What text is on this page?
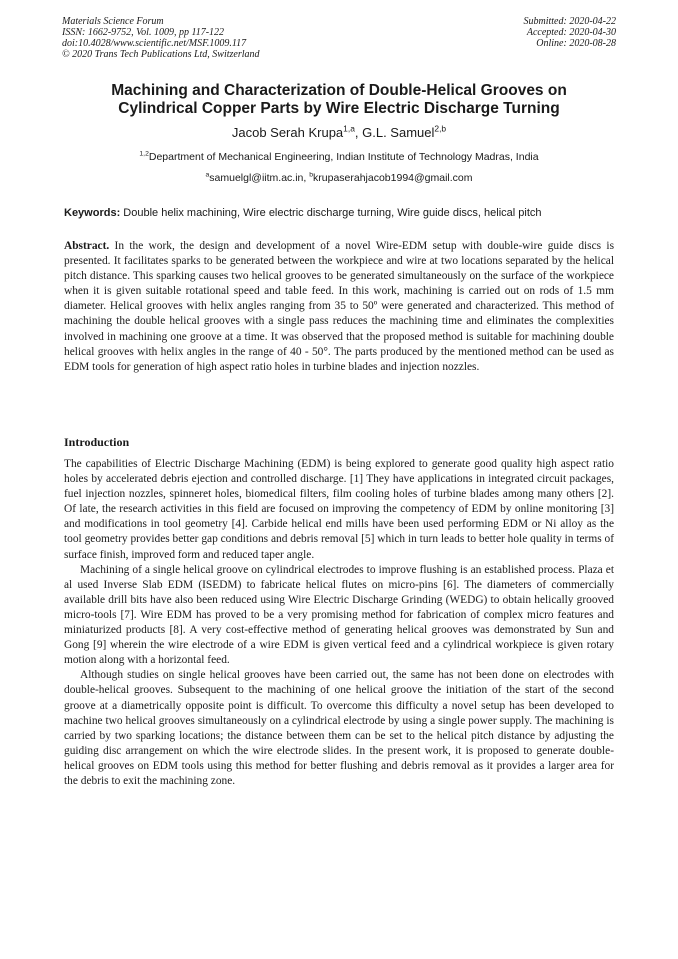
Materials Science Forum
ISSN: 1662-9752, Vol. 1009, pp 117-122
doi:10.4028/www.scientific.net/MSF.1009.117
© 2020 Trans Tech Publications Ltd, Switzerland
Submitted: 2020-04-22
Accepted: 2020-04-30
Online: 2020-08-28
Machining and Characterization of Double-Helical Grooves on
Cylindrical Copper Parts by Wire Electric Discharge Turning
Jacob Serah Krupa$^{1,a}$, G.L. Samuel$^{2,b}$
$^{1,2}$Department of Mechanical Engineering, Indian Institute of Technology Madras, India
$^a$samuelgl@iitm.ac.in, $^b$krupaserahjacob1994@gmail.com
Keywords: Double helix machining, Wire electric discharge turning, Wire guide discs, helical pitch
Abstract. In the work, the design and development of a novel Wire-EDM setup with double-wire guide discs is presented. It facilitates sparks to be generated between the workpiece and wire at two locations separated by the helical pitch distance. This sparking causes two helical grooves to be generated simultaneously on the surface of the workpiece when it is given suitable rotational speed and table feed. In this work, machining is carried out on rods of 1.5 mm diameter. Helical grooves with helix angles ranging from 35 to 50º were generated and characterized. This method of machining the double helical grooves with a single pass reduces the machining time and eliminates the complexities involved in machining one groove at a time. It was observed that the proposed method is suitable for machining double helical grooves with helix angles in the range of 40 - 50°. The parts produced by the mentioned method can be used as EDM tools for generation of high aspect ratio holes in turbine blades and injection nozzles.
Introduction

The capabilities of Electric Discharge Machining (EDM) is being explored to generate good quality high aspect ratio holes by accelerated debris ejection and controlled discharge. [1] They have applications in integrated circuit packages, fuel injection nozzles, spinneret holes, biomedical filters, film cooling holes of turbine blades among many others [2]. Of late, the research activities in this field are focused on improving the competency of EDM by online monitoring [3] and modifications in tool geometry [4]. Carbide helical end mills have been used performing EDM or Ni alloy as the tool geometry provides better gap conditions and debris removal [5] which in turn leads to better hole quality in terms of surface finish, improved form and reduced taper angle.

Machining of a single helical groove on cylindrical electrodes to improve flushing is an established process. Plaza et al used Inverse Slab EDM (ISEDM) to fabricate helical flutes on micro-pins [6]. The diameters of commercially available drill bits have also been reduced using Wire Electric Discharge Grinding (WEDG) to obtain helically grooved micro-tools [7]. Wire EDM has proved to be a very promising method for fabrication of complex micro features and miniaturized products [8]. A very cost-effective method of generating helical grooves was demonstrated by Sun and Gong [9] wherein the wire electrode of a wire EDM is given vertical feed and a cylindrical workpiece is given rotary motion along with a horizontal feed.

Although studies on single helical grooves have been carried out, the same has not been done on electrodes with double-helical grooves. Subsequent to the machining of one helical groove the initiation of the start of the second groove at a diametrically opposite point is difficult. To overcome this difficulty a novel setup has been developed to machine two helical grooves simultaneously on a cylindrical electrode by using a single power supply. The machining is carried by two sparking locations; the distance between them can be set to the helical pitch distance by adjusting the guiding disc arrangement on which the wire electrode slides. In the present work, it is proposed to generate double-helical grooves on EDM tools using this method for better flushing and debris removal as it provides a larger area for the debris to exit the machining zone.
